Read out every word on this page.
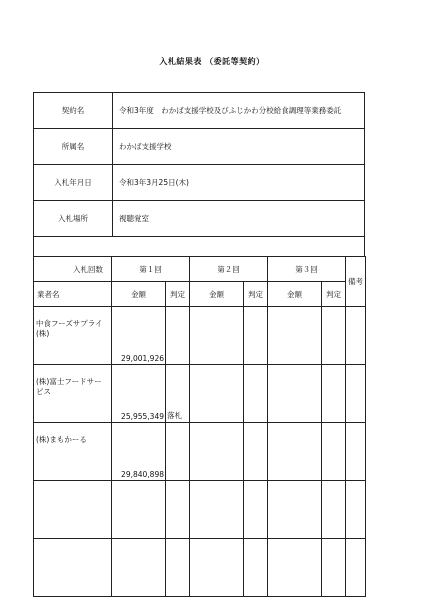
入札結果表 （委託等契約）
契約名	令和3年度　わかば支援学校及びふじかわ分校給食調理等業務委託
所属名	わかば支援学校
入札年月日	令和3年3月25日(木)
入札場所	視聴覚室
入札回数	第１回		第２回		第３回		備考
業者名	金額	判定	金額	判定	金額	判定	
中食フーズサプライ(株)	29,001,926						
(株)富士フードサービス	25,955,349	落札					
(株)まもかーる	29,840,898						
